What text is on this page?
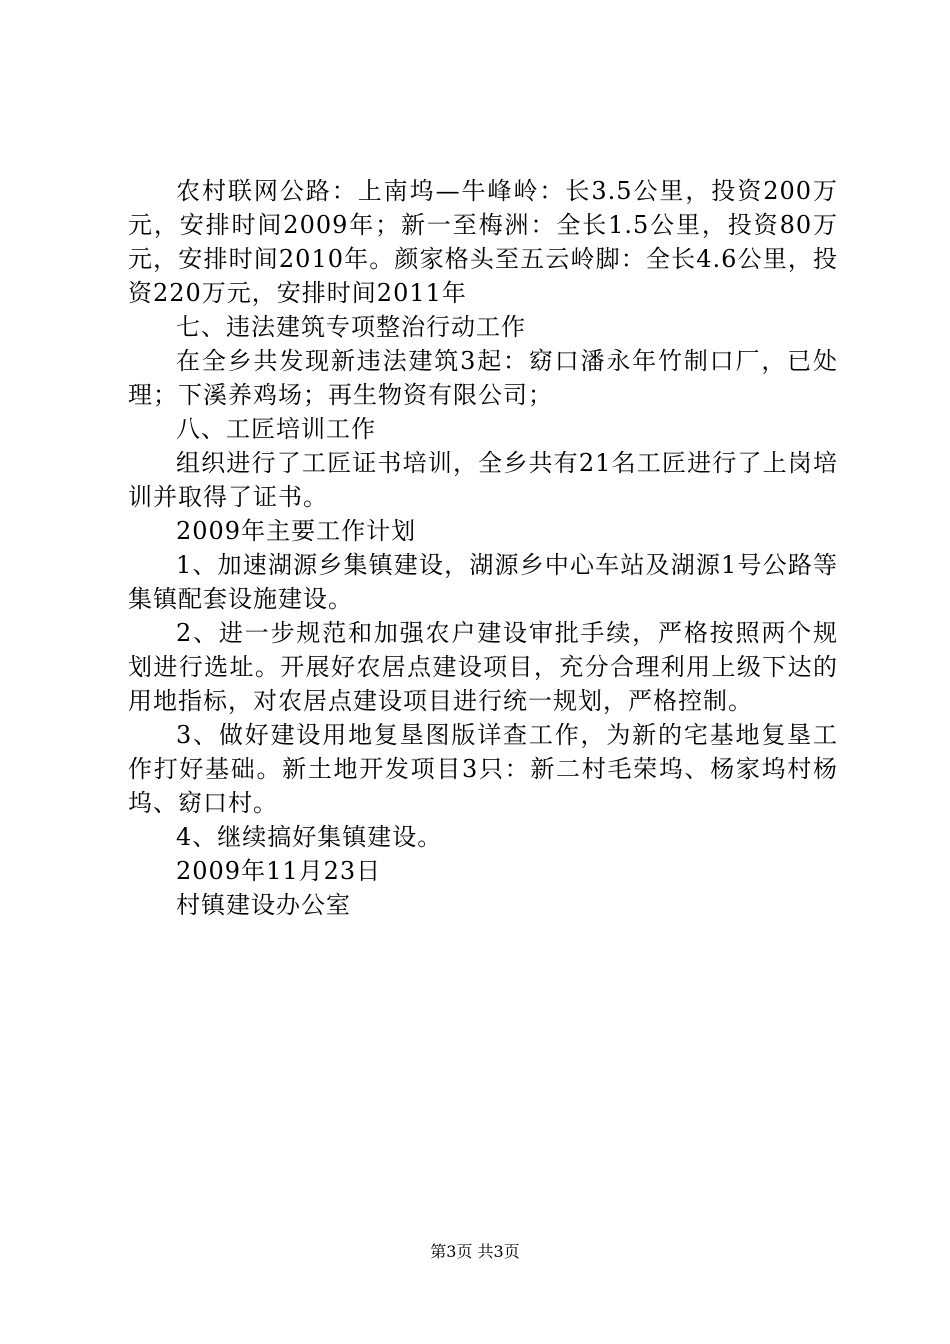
农村联网公路：上南坞—牛峰岭：长3.5公里，投资200万元，安排时间2009年；新一至梅洲：全长1.5公里，投资80万元，安排时间2010年。颜家格头至五云岭脚：全长4.6公里，投资220万元，安排时间2011年

七、违法建筑专项整治行动工作

在全乡共发现新违法建筑3起：窈口潘永年竹制口厂，已处理；下溪养鸡场；再生物资有限公司；

八、工匠培训工作

组织进行了工匠证书培训，全乡共有21名工匠进行了上岗培训并取得了证书。

2009年主要工作计划

1、加速湖源乡集镇建设，湖源乡中心车站及湖源1号公路等集镇配套设施建设。

2、进一步规范和加强农户建设审批手续，严格按照两个规划进行选址。开展好农居点建设项目，充分合理利用上级下达的用地指标，对农居点建设项目进行统一规划，严格控制。

3、做好建设用地复垦图版详查工作，为新的宅基地复垦工作打好基础。新土地开发项目3只：新二村毛荣坞、杨家坞村杨坞、窈口村。

4、继续搞好集镇建设。

2009年11月23日

村镇建设办公室

第3页 共3页
